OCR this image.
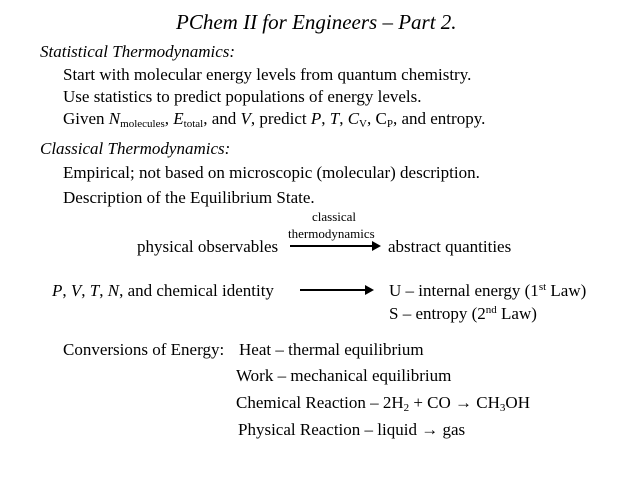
PChem II for Engineers – Part 2.
Statistical Thermodynamics:
Start with molecular energy levels from quantum chemistry.
Use statistics to predict populations of energy levels.
Given $N_{molecules}$, $E_{total}$, and V, predict P, T, $C_V$, $C_P$, and entropy.
Classical Thermodynamics:
Empirical; not based on microscopic (molecular) description.
Description of the Equilibrium State.
classical
thermodynamics
physical observables	abstract quantities
P, V, T, N, and chemical identity	U – internal energy (1st Law)
S – entropy (2nd Law)
Conversions of Energy: Heat – thermal equilibrium
Work – mechanical equilibrium
Chemical Reaction – $2H_2$ + CO → $CH_3OH$
Physical Reaction – liquid → gas
